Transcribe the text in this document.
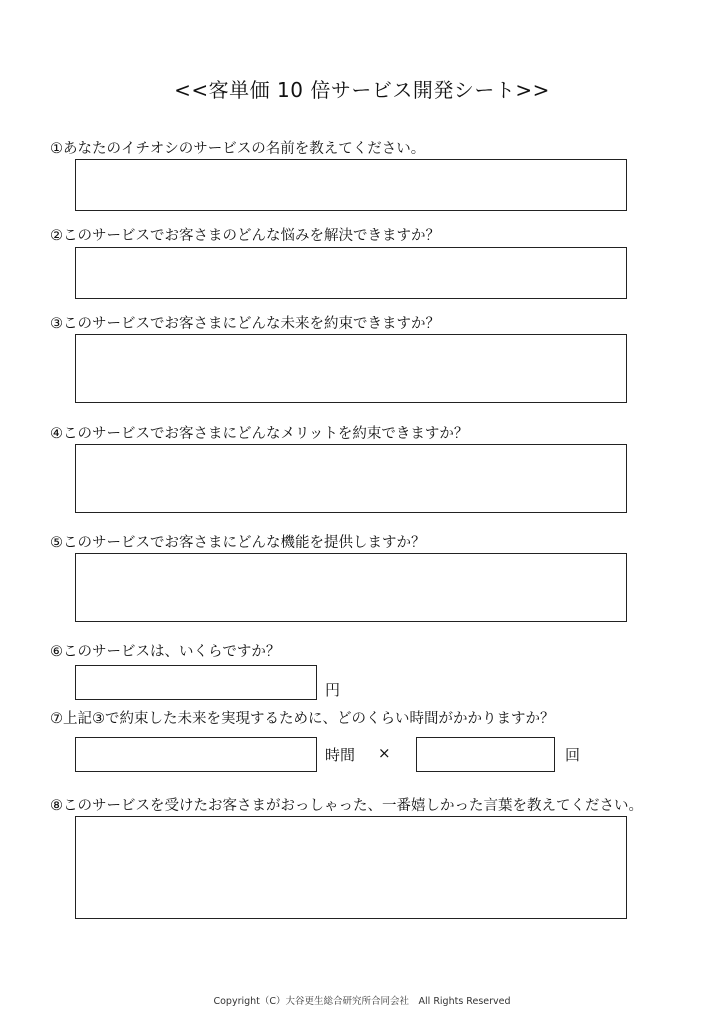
<<客単価 10 倍サービス開発シート>>
①あなたのイチオシのサービスの名前を教えてください。
②このサービスでお客さまのどんな悩みを解決できますか？
③このサービスでお客さまにどんな未来を約束できますか？
④このサービスでお客さまにどんなメリットを約束できますか？
⑤このサービスでお客さまにどんな機能を提供しますか？
⑥このサービスは、いくらですか？
円
⑦上記③で約束した未来を実現するために、どのくらい時間がかかりますか？
時間 ×	回
⑧このサービスを受けたお客さまがおっしゃった、一番嬉しかった言葉を教えてください。
Copyright（C）大谷更生総合研究所合同会社　All Rights Reserved
